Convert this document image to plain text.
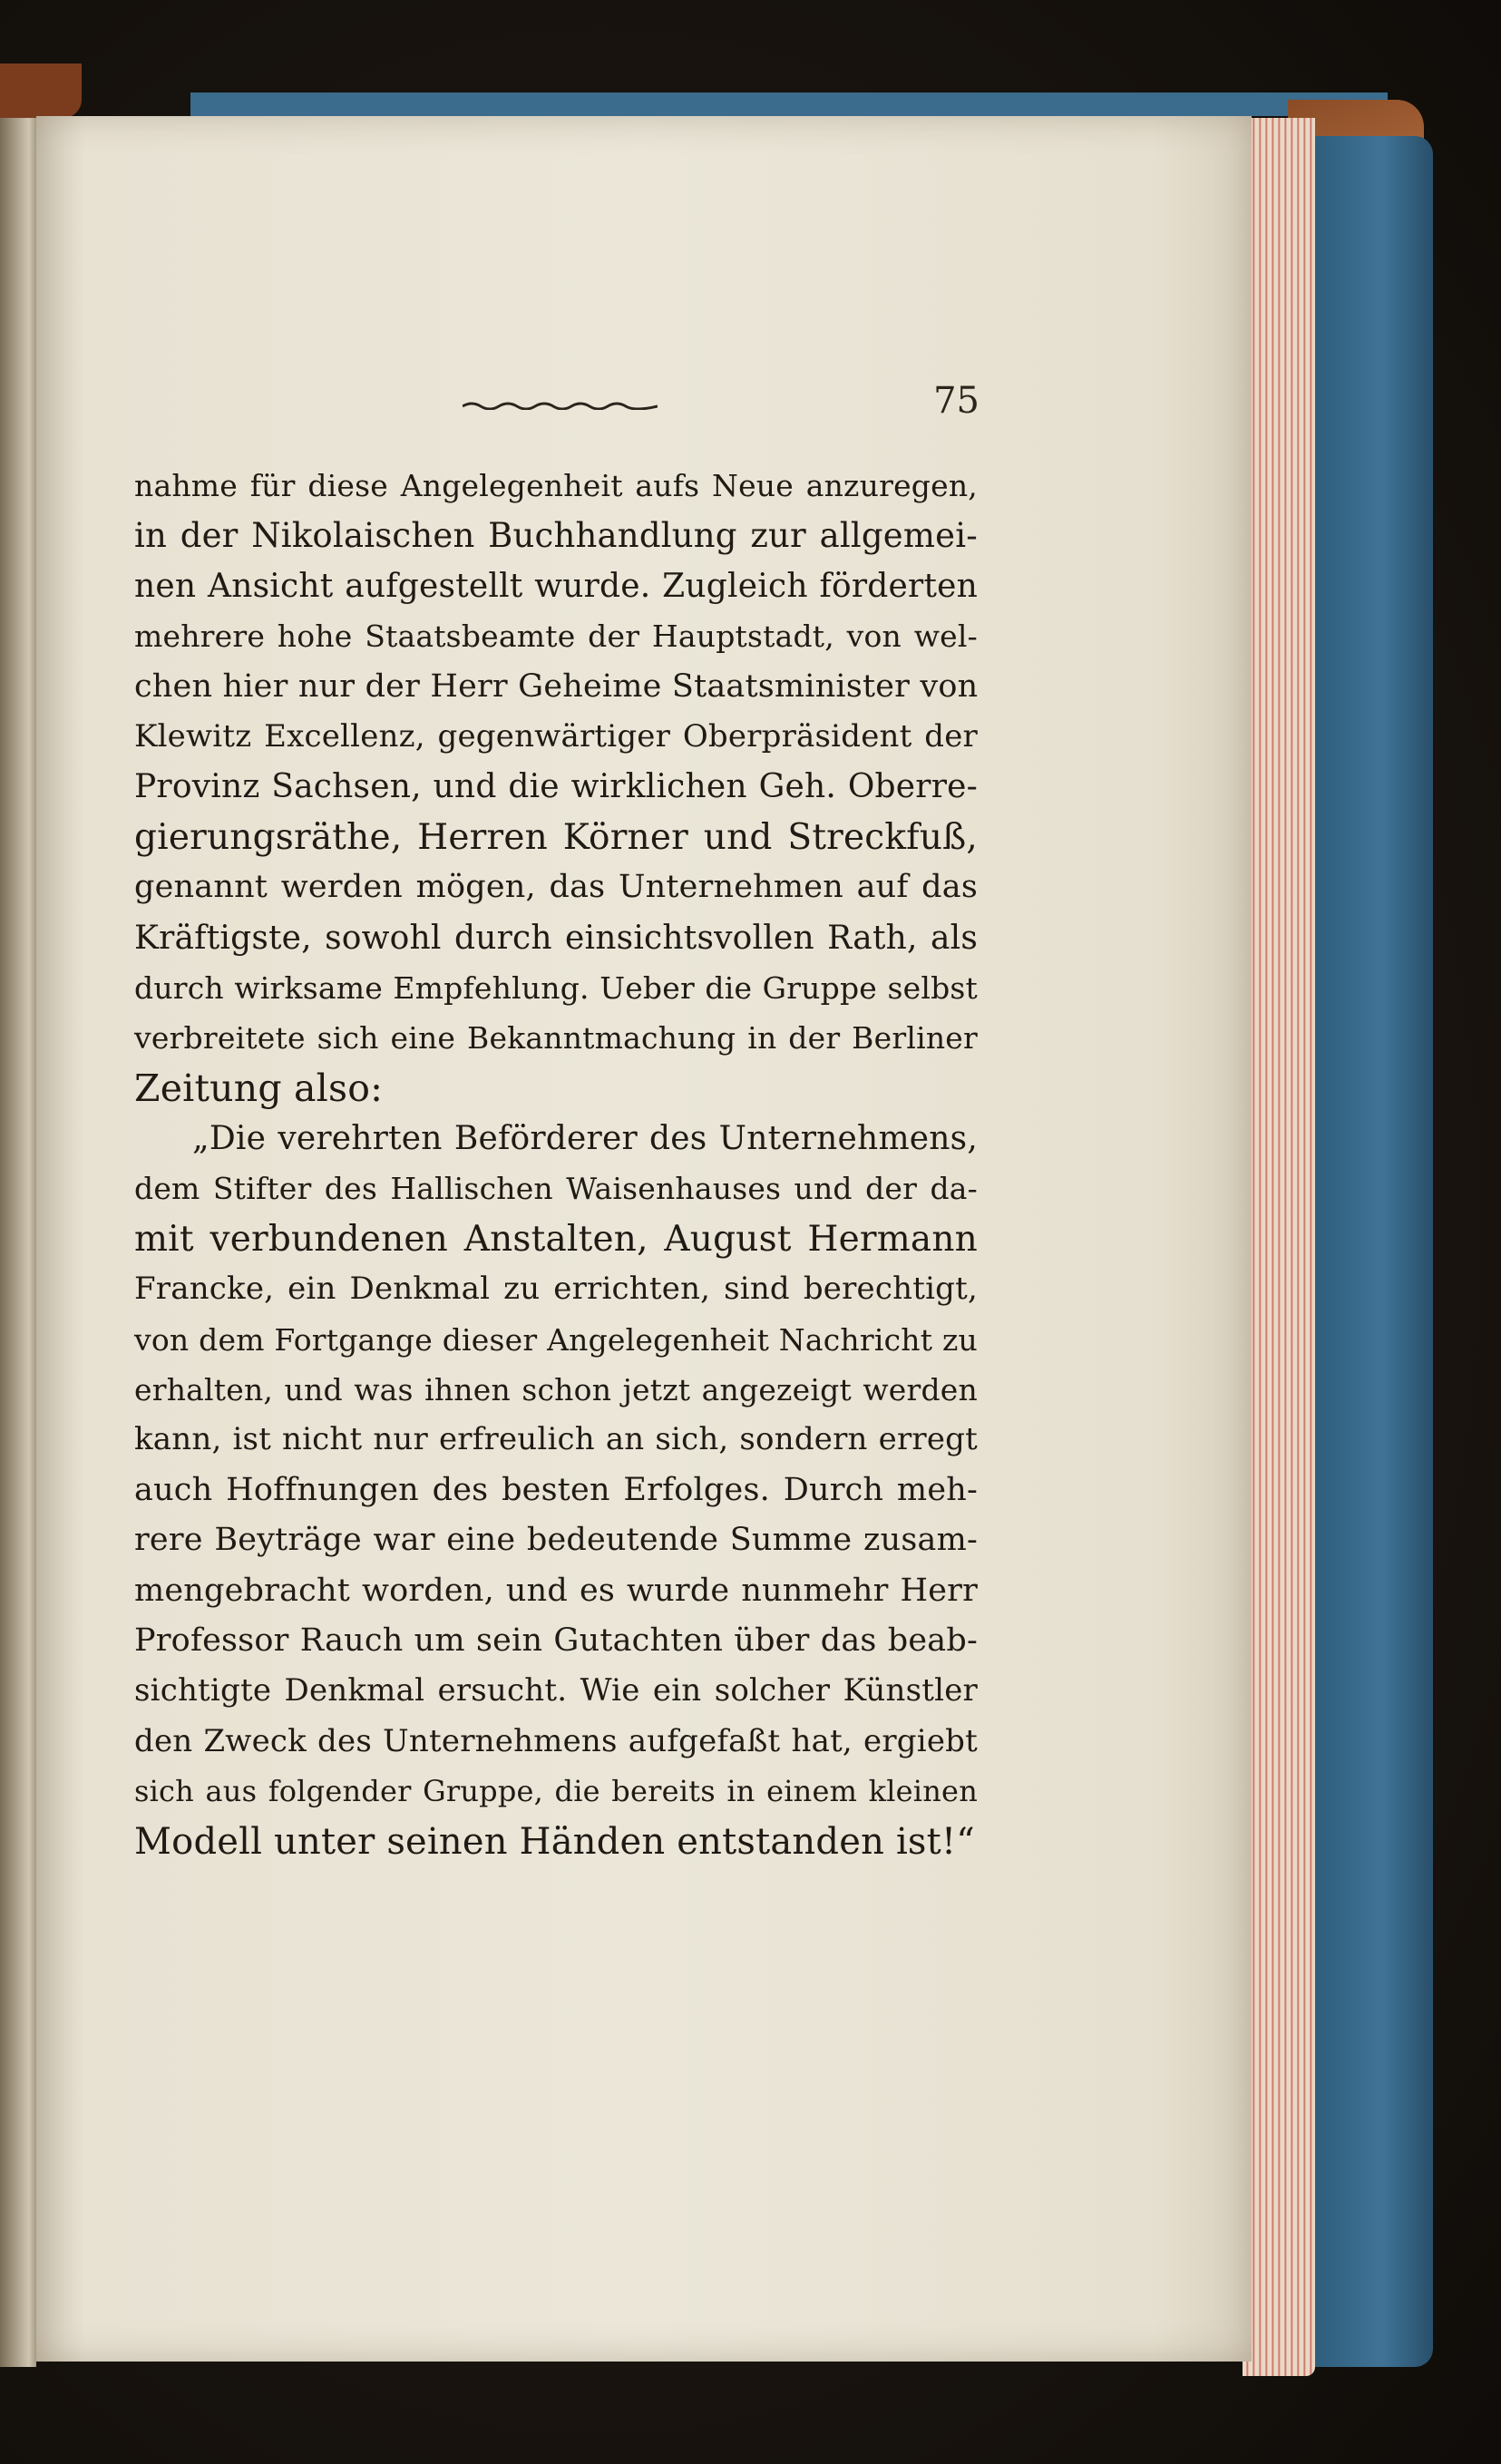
75
nahme für diese Angelegenheit aufs Neue anzuregen,
in der Nikolaischen Buchhandlung zur allgemei-
nen Ansicht aufgestellt wurde. Zugleich förderten
mehrere hohe Staatsbeamte der Hauptstadt, von wel-
chen hier nur der Herr Geheime Staatsminister von
Klewitz Excellenz, gegenwärtiger Oberpräsident der
Provinz Sachsen, und die wirklichen Geh. Oberre-
gierungsräthe, Herren Körner und Streckfuß,
genannt werden mögen, das Unternehmen auf das
Kräftigste, sowohl durch einsichtsvollen Rath, als
durch wirksame Empfehlung. Ueber die Gruppe selbst
verbreitete sich eine Bekanntmachung in der Berliner
Zeitung also:
„Die verehrten Beförderer des Unternehmens,
dem Stifter des Hallischen Waisenhauses und der da-
mit verbundenen Anstalten, August Hermann
Francke, ein Denkmal zu errichten, sind berechtigt,
von dem Fortgange dieser Angelegenheit Nachricht zu
erhalten, und was ihnen schon jetzt angezeigt werden
kann, ist nicht nur erfreulich an sich, sondern erregt
auch Hoffnungen des besten Erfolges. Durch meh-
rere Beyträge war eine bedeutende Summe zusam-
mengebracht worden, und es wurde nunmehr Herr
Professor Rauch um sein Gutachten über das beab-
sichtigte Denkmal ersucht. Wie ein solcher Künstler
den Zweck des Unternehmens aufgefaßt hat, ergiebt
sich aus folgender Gruppe, die bereits in einem kleinen
Modell unter seinen Händen entstanden ist!“
